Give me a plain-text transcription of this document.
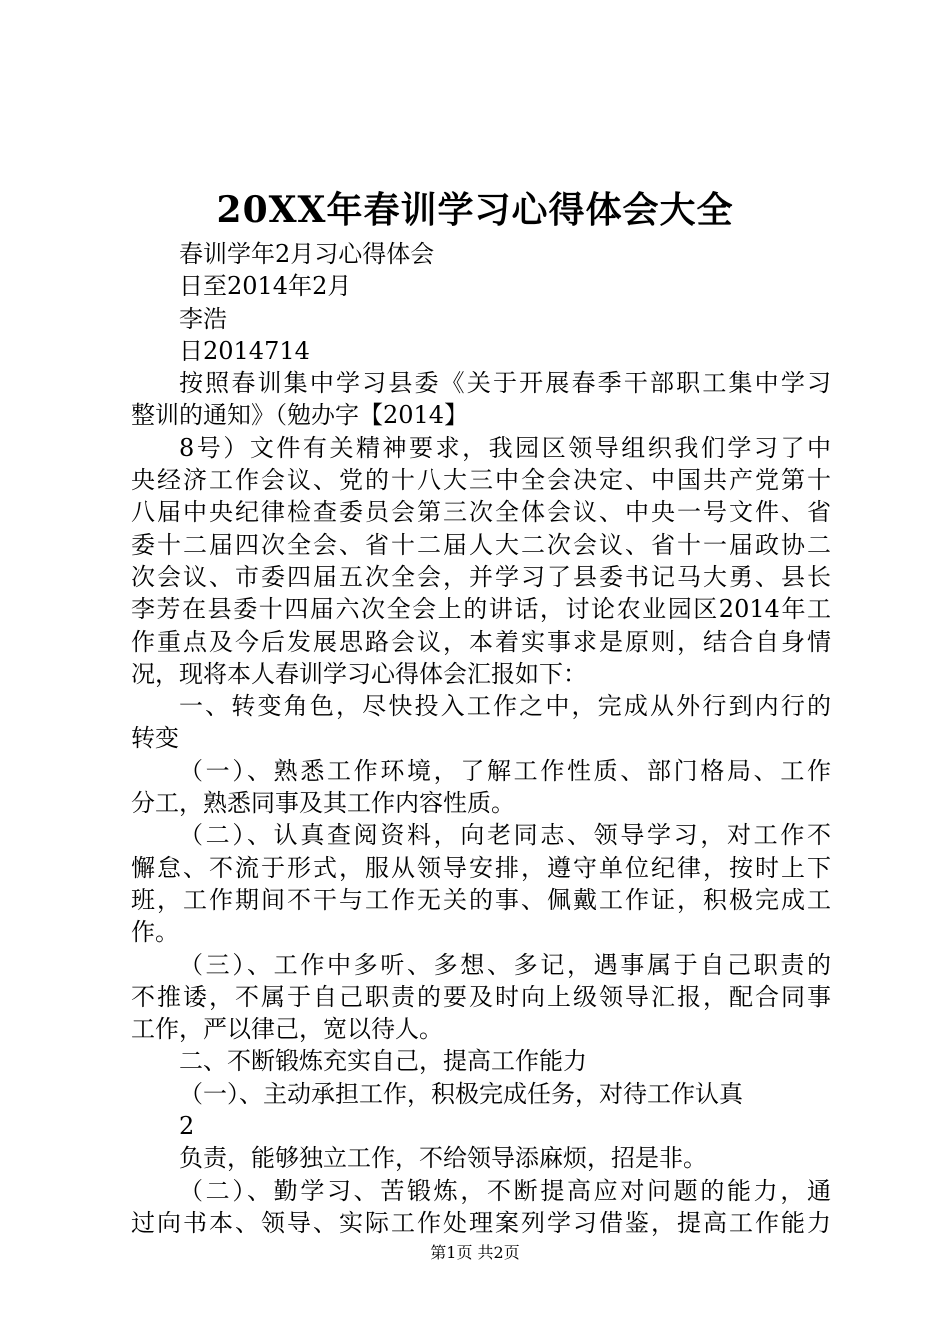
20XX年春训学习心得体会大全
春训学年2月习心得体会
日至2014年2月
李浩
日2014714
按照春训集中学习县委《关于开展春季干部职工集中学习
整训的通知》（勉办字【2014】
8号）文件有关精神要求，我园区领导组织我们学习了中
央经济工作会议、党的十八大三中全会决定、中国共产党第十
八届中央纪律检查委员会第三次全体会议、中央一号文件、省
委十二届四次全会、省十二届人大二次会议、省十一届政协二
次会议、市委四届五次全会，并学习了县委书记马大勇、县长
李芳在县委十四届六次全会上的讲话，讨论农业园区2014年工
作重点及今后发展思路会议，本着实事求是原则，结合自身情
况，现将本人春训学习心得体会汇报如下：
一、转变角色，尽快投入工作之中，完成从外行到内行的
转变
（一）、熟悉工作环境，了解工作性质、部门格局、工作
分工，熟悉同事及其工作内容性质。
（二）、认真查阅资料，向老同志、领导学习，对工作不
懈怠、不流于形式，服从领导安排，遵守单位纪律，按时上下
班，工作期间不干与工作无关的事、佩戴工作证，积极完成工
作。
（三）、工作中多听、多想、多记，遇事属于自己职责的
不推诿，不属于自己职责的要及时向上级领导汇报，配合同事
工作，严以律己，宽以待人。
二、不断锻炼充实自己，提高工作能力
（一）、主动承担工作，积极完成任务，对待工作认真
2
负责，能够独立工作，不给领导添麻烦，招是非。
（二）、勤学习、苦锻炼，不断提高应对问题的能力，通
过向书本、领导、实际工作处理案列学习借鉴，提高工作能力
第1页 共2页
